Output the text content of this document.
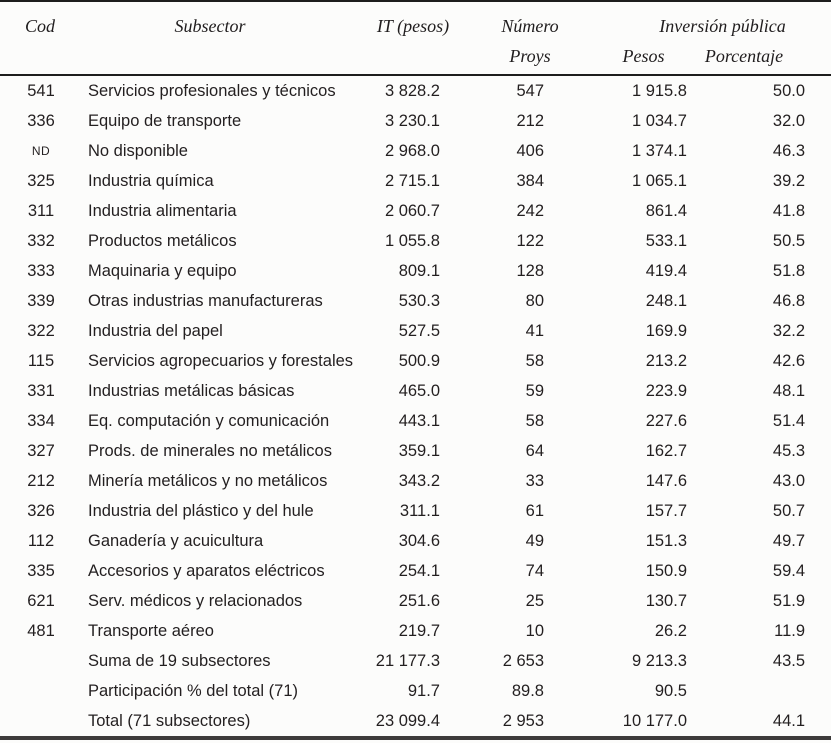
Cod	Subsector	IT (pesos)	Número	Inversión pública	
			Proys	Pesos	Porcentaje
541	Servicios profesionales y técnicos	3 828.2	547	1 915.8	50.0
336	Equipo de transporte	3 230.1	212	1 034.7	32.0
ND	No disponible	2 968.0	406	1 374.1	46.3
325	Industria química	2 715.1	384	1 065.1	39.2
311	Industria alimentaria	2 060.7	242	861.4	41.8
332	Productos metálicos	1 055.8	122	533.1	50.5
333	Maquinaria y equipo	809.1	128	419.4	51.8
339	Otras industrias manufactureras	530.3	80	248.1	46.8
322	Industria del papel	527.5	41	169.9	32.2
115	Servicios agropecuarios y forestales	500.9	58	213.2	42.6
331	Industrias metálicas básicas	465.0	59	223.9	48.1
334	Eq. computación y comunicación	443.1	58	227.6	51.4
327	Prods. de minerales no metálicos	359.1	64	162.7	45.3
212	Minería metálicos y no metálicos	343.2	33	147.6	43.0
326	Industria del plástico y del hule	311.1	61	157.7	50.7
112	Ganadería y acuicultura	304.6	49	151.3	49.7
335	Accesorios y aparatos eléctricos	254.1	74	150.9	59.4
621	Serv. médicos y relacionados	251.6	25	130.7	51.9
481	Transporte aéreo	219.7	10	26.2	11.9
	Suma de 19 subsectores	21 177.3	2 653	9 213.3	43.5
	Participación % del total (71)	91.7	89.8	90.5	
	Total (71 subsectores)	23 099.4	2 953	10 177.0	44.1
